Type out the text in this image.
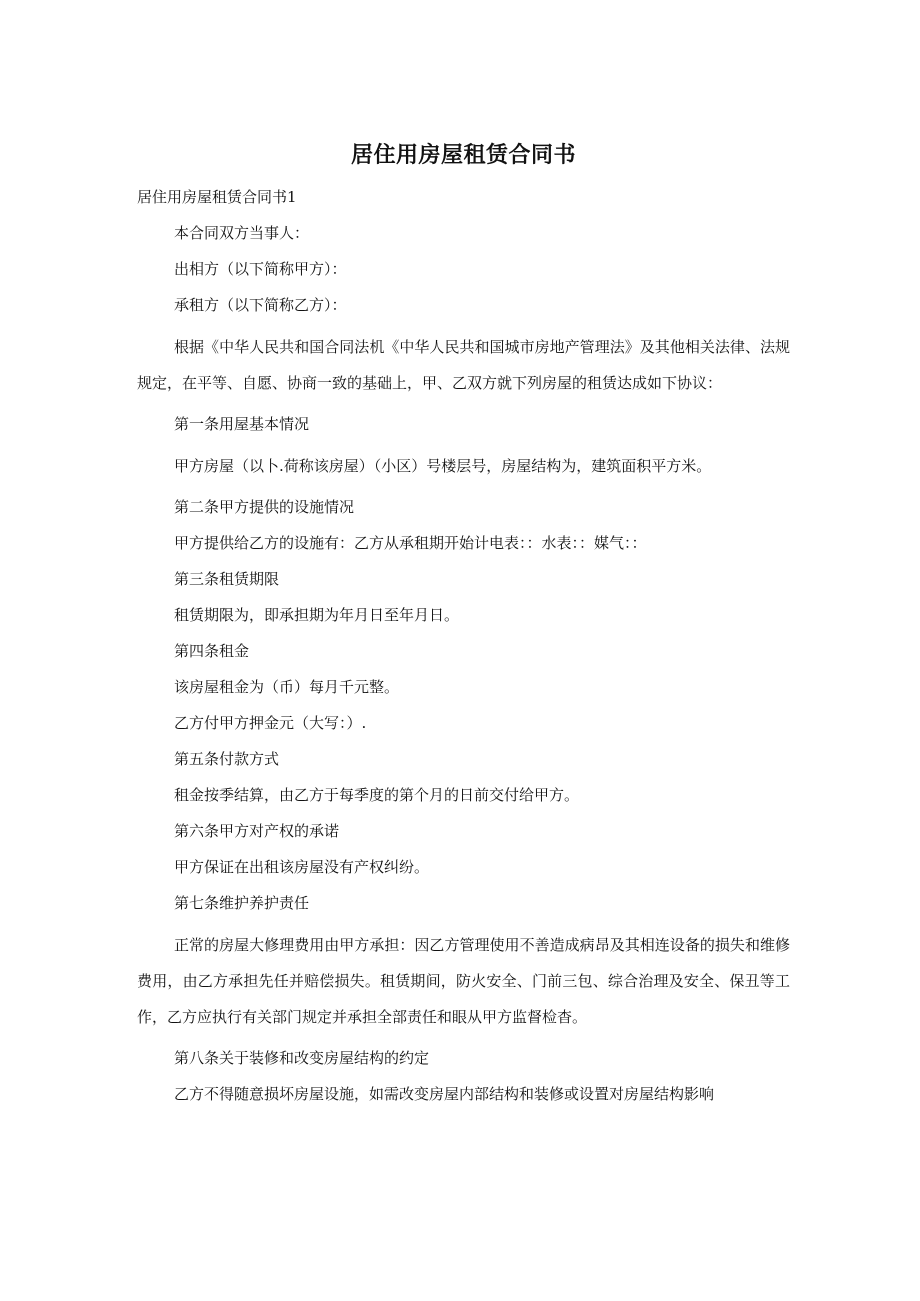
居住用房屋租赁合同书

居住用房屋租赁合同书1

本合同双方当事人：

出相方（以下简称甲方）：

承租方（以下简称乙方）：

根据《中华人民共和国合同法机《中华人民共和国城市房地产管理法》及其他相关法律、法规规定，在平等、自愿、协商一致的基础上，甲、乙双方就下列房屋的租赁达成如下协议：

第一条用屋基本情况

甲方房屋（以卜.荷称该房屋）（小区）号楼层号，房屋结构为，建筑面积平方米。

第二条甲方提供的设施情况

甲方提供给乙方的设施有：乙方从承租期开始计电表：：水表：：媒气：：

第三条租赁期限

租赁期限为，即承担期为年月日至年月日。

第四条租金

该房屋租金为（币）每月千元整。

乙方付甲方押金元（大写：）.

第五条付款方式

租金按季结算，由乙方于每季度的第个月的日前交付给甲方。

第六条甲方对产权的承诺

甲方保证在出租该房屋没有产权纠纷。

第七条维护养护责任

正常的房屋大修理费用由甲方承担：因乙方管理使用不善造成病昂及其相连设备的损失和维修费用，由乙方承担先任并赔偿损失。租赁期间，防火安全、门前三包、综合治理及安全、保丑等工作，乙方应执行有关部门规定并承担全部责任和眼从甲方监督检杳。

第八条关于装修和改变房屋结构的约定

乙方不得随意损坏房屋设施，如需改变房屋内部结构和装修或设置对房屋结构影响
